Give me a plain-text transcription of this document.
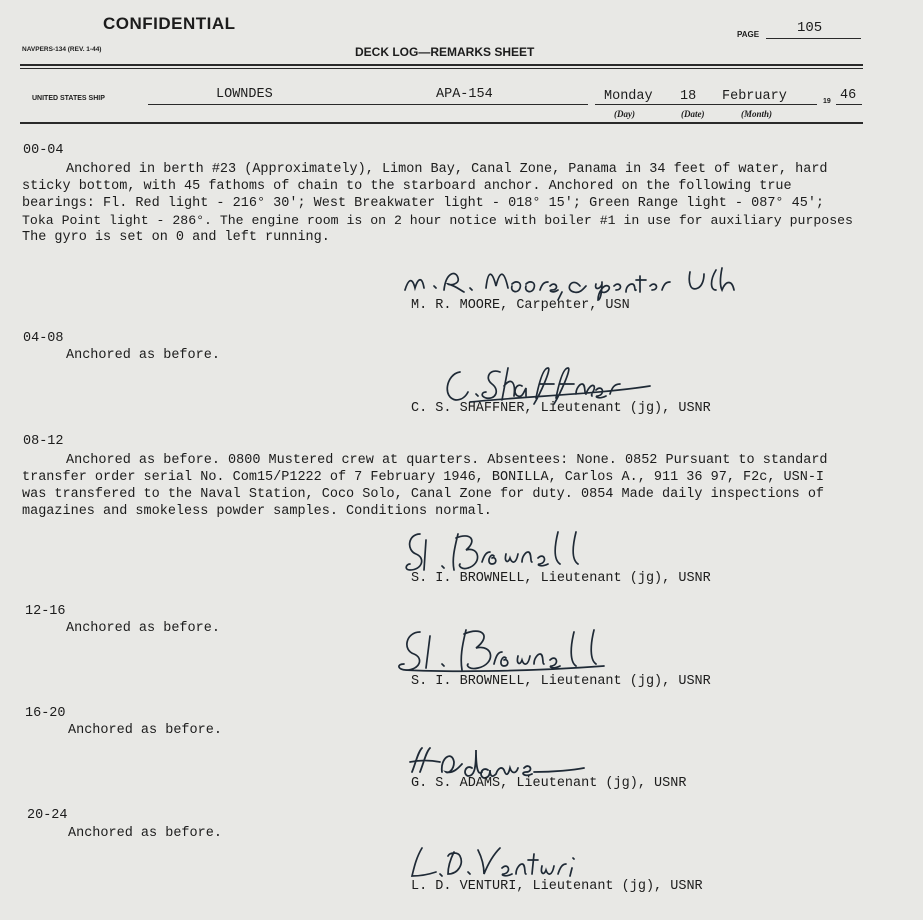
CONFIDENTIAL
PAGE	105
NAVPERS-134 (REV. 1-44)	DECK LOG—REMARKS SHEET
UNITED STATES SHIP	LOWNDES	APA-154	Monday 18 February	19 46
(Day)	(Date)	(Month)
00-04
Anchored in berth #23 (Approximately), Limon Bay, Canal Zone, Panama in 34 feet of water, hard
sticky bottom, with 45 fathoms of chain to the starboard anchor. Anchored on the following true
bearings: Fl. Red light - 216° 30'; West Breakwater light - 018° 15'; Green Range light - 087° 45';
Toka Point light - 286°. The engine room is on 2 hour notice with boiler #1 in use for auxiliary purposes
The gyro is set on 0 and left running.
M. R. MOORE, Carpenter, USN
04-08
Anchored as before.
C. S. SHAFFNER, Lieutenant (jg), USNR
08-12
Anchored as before. 0800 Mustered crew at quarters. Absentees: None. 0852 Pursuant to standard
transfer order serial No. Com15/P1222 of 7 February 1946, BONILLA, Carlos A., 911 36 97, F2c, USN-I
was transfered to the Naval Station, Coco Solo, Canal Zone for duty. 0854 Made daily inspections of
magazines and smokeless powder samples. Conditions normal.
S. I. BROWNELL, Lieutenant (jg), USNR
12-16
Anchored as before.
S. I. BROWNELL, Lieutenant (jg), USNR
16-20
Anchored as before.
G. S. ADAMS, Lieutenant (jg), USNR
20-24
Anchored as before.
L. D. VENTURI, Lieutenant (jg), USNR
